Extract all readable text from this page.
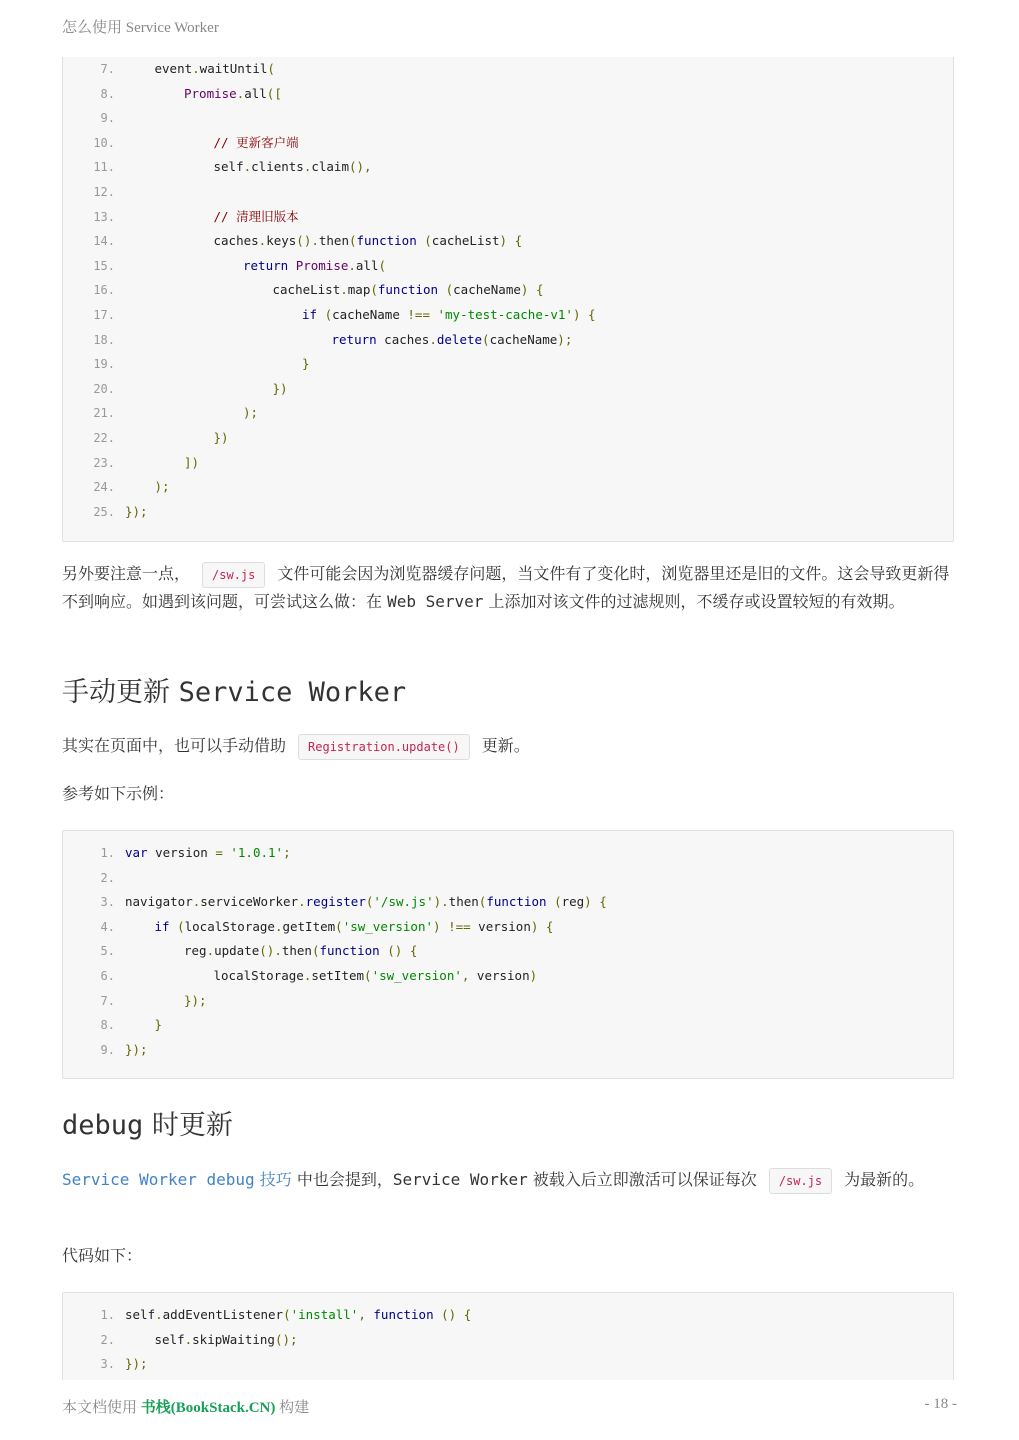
怎么使用 Service Worker
7.	event.waitUntil(
8.	Promise.all([
9.
10.	// 更新客户端
11.	self.clients.claim(),
12.
13.	// 清理旧版本
14.	caches.keys().then(function (cacheList) {
15.	return Promise.all(
16.	cacheList.map(function (cacheName) {
17.	if (cacheName !== 'my-test-cache-v1') {
18.	return caches.delete(cacheName);
19.	}
20.	})
21.	);
22.	})
23.	])
24.	);
25. });
另外要注意一点， /sw.js 文件可能会因为浏览器缓存问题，当文件有了变化时，浏览器里还是旧的文件。这会导致更新得不到响应。如遇到该问题，可尝试这么做：在 Web Server 上添加对该文件的过滤规则，不缓存或设置较短的有效期。
手动更新 Service Worker
其实在页面中，也可以手动借助 Registration.update() 更新。
参考如下示例：
1. var version = '1.0.1';
2.
3. navigator.serviceWorker.register('/sw.js').then(function (reg) {
4.	if (localStorage.getItem('sw_version') !== version) {
5.	reg.update().then(function () {
6.	localStorage.setItem('sw_version', version)
7.	});
8.	}
9. });
debug 时更新
Service Worker debug 技巧 中也会提到，Service Worker 被载入后立即激活可以保证每次 /sw.js 为最新的。
代码如下：
1. self.addEventListener('install', function () {
2.	self.skipWaiting();
3. });
本文档使用 书栈(BookStack.CN) 构建	- 18 -
